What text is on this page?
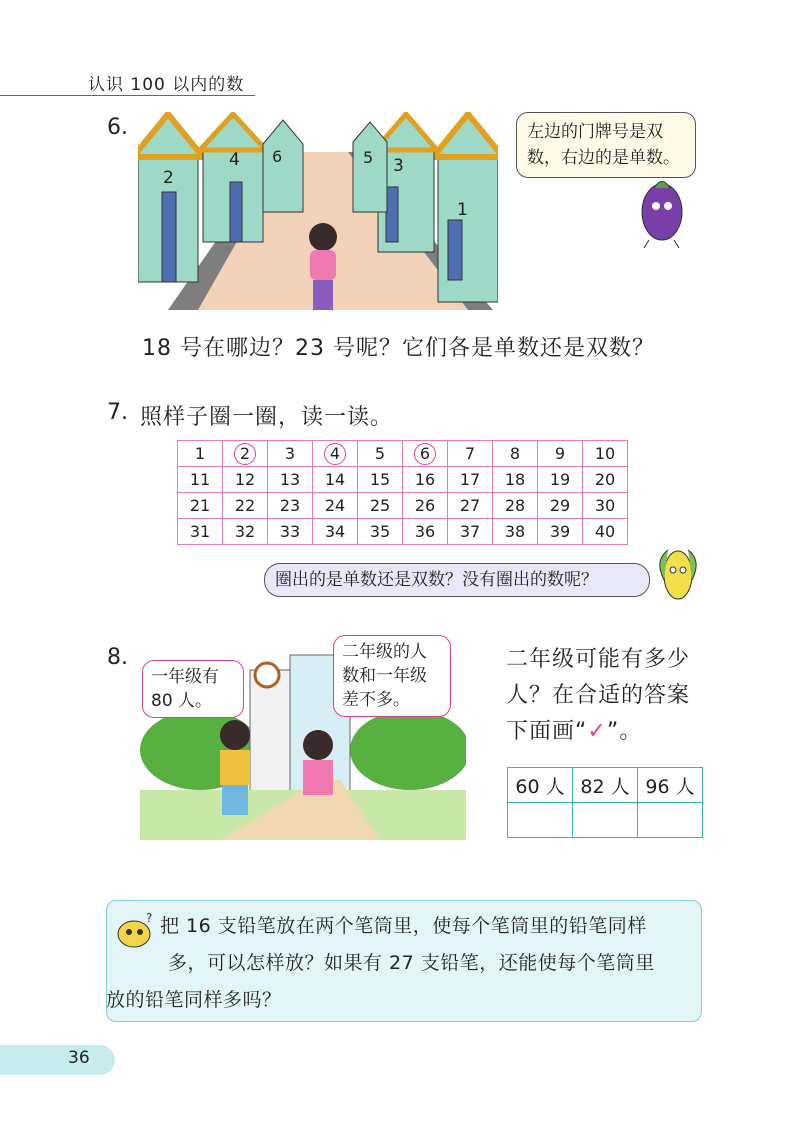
认识 100 以内的数
6.
2
4 6	5 3
1
左边的门牌号是双
数，右边的是单数。
18 号在哪边？23 号呢？它们各是单数还是双数？
7. 照样子圈一圈，读一读。
1	2	3	4	5	6	7	8	9	10
11	12	13	14	15	16	17	18	19	20
21	22	23	24	25	26	27	28	29	30
31	32	33	34	35	36	37	38	39	40
圈出的是单数还是双数？没有圈出的数呢？
8.
一年级有
80 人。
二年级的人
数和一年级
差不多。
二年级可能有多少
人？在合适的答案
下面画“✓”。
60 人	82 人	96 人

? 把 16 支铅笔放在两个笔筒里，使每个笔筒里的铅笔同样
多，可以怎样放？如果有 27 支铅笔，还能使每个笔筒里
放的铅笔同样多吗？
36
